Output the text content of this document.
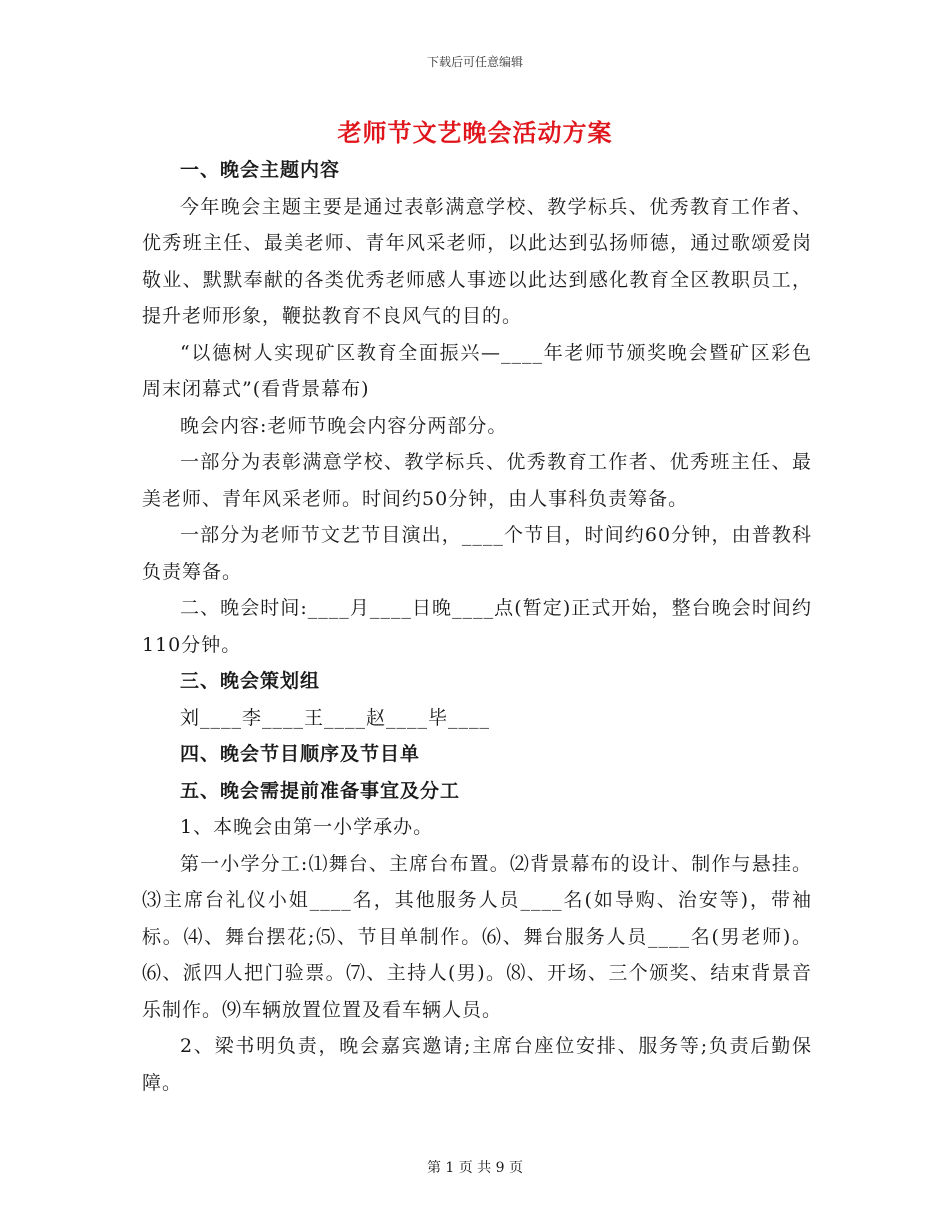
下载后可任意编辑
老师节文艺晚会活动方案

一、晚会主题内容

今年晚会主题主要是通过表彰满意学校、教学标兵、优秀教育工作者、优秀班主任、最美老师、青年风采老师，以此达到弘扬师德，通过歌颂爱岗敬业、默默奉献的各类优秀老师感人事迹以此达到感化教育全区教职员工，提升老师形象，鞭挞教育不良风气的目的。

“以德树人实现矿区教育全面振兴—____年老师节颁奖晚会暨矿区彩色周末闭幕式”(看背景幕布)

晚会内容:老师节晚会内容分两部分。

一部分为表彰满意学校、教学标兵、优秀教育工作者、优秀班主任、最美老师、青年风采老师。时间约50分钟，由人事科负责筹备。

一部分为老师节文艺节目演出，____个节目，时间约60分钟，由普教科负责筹备。

二、晚会时间:____月____日晚____点(暂定)正式开始，整台晚会时间约110分钟。

三、晚会策划组

刘____李____王____赵____毕____

四、晚会节目顺序及节目单

五、晚会需提前准备事宜及分工

1、本晚会由第一小学承办。

第一小学分工:⑴舞台、主席台布置。⑵背景幕布的设计、制作与悬挂。⑶主席台礼仪小姐____名，其他服务人员____名(如导购、治安等)，带袖标。⑷、舞台摆花;⑸、节目单制作。⑹、舞台服务人员____名(男老师)。⑹、派四人把门验票。⑺、主持人(男)。⑻、开场、三个颁奖、结束背景音乐制作。⑼车辆放置位置及看车辆人员。

2、梁书明负责，晚会嘉宾邀请;主席台座位安排、服务等;负责后勤保障。

第 1 页 共 9 页
